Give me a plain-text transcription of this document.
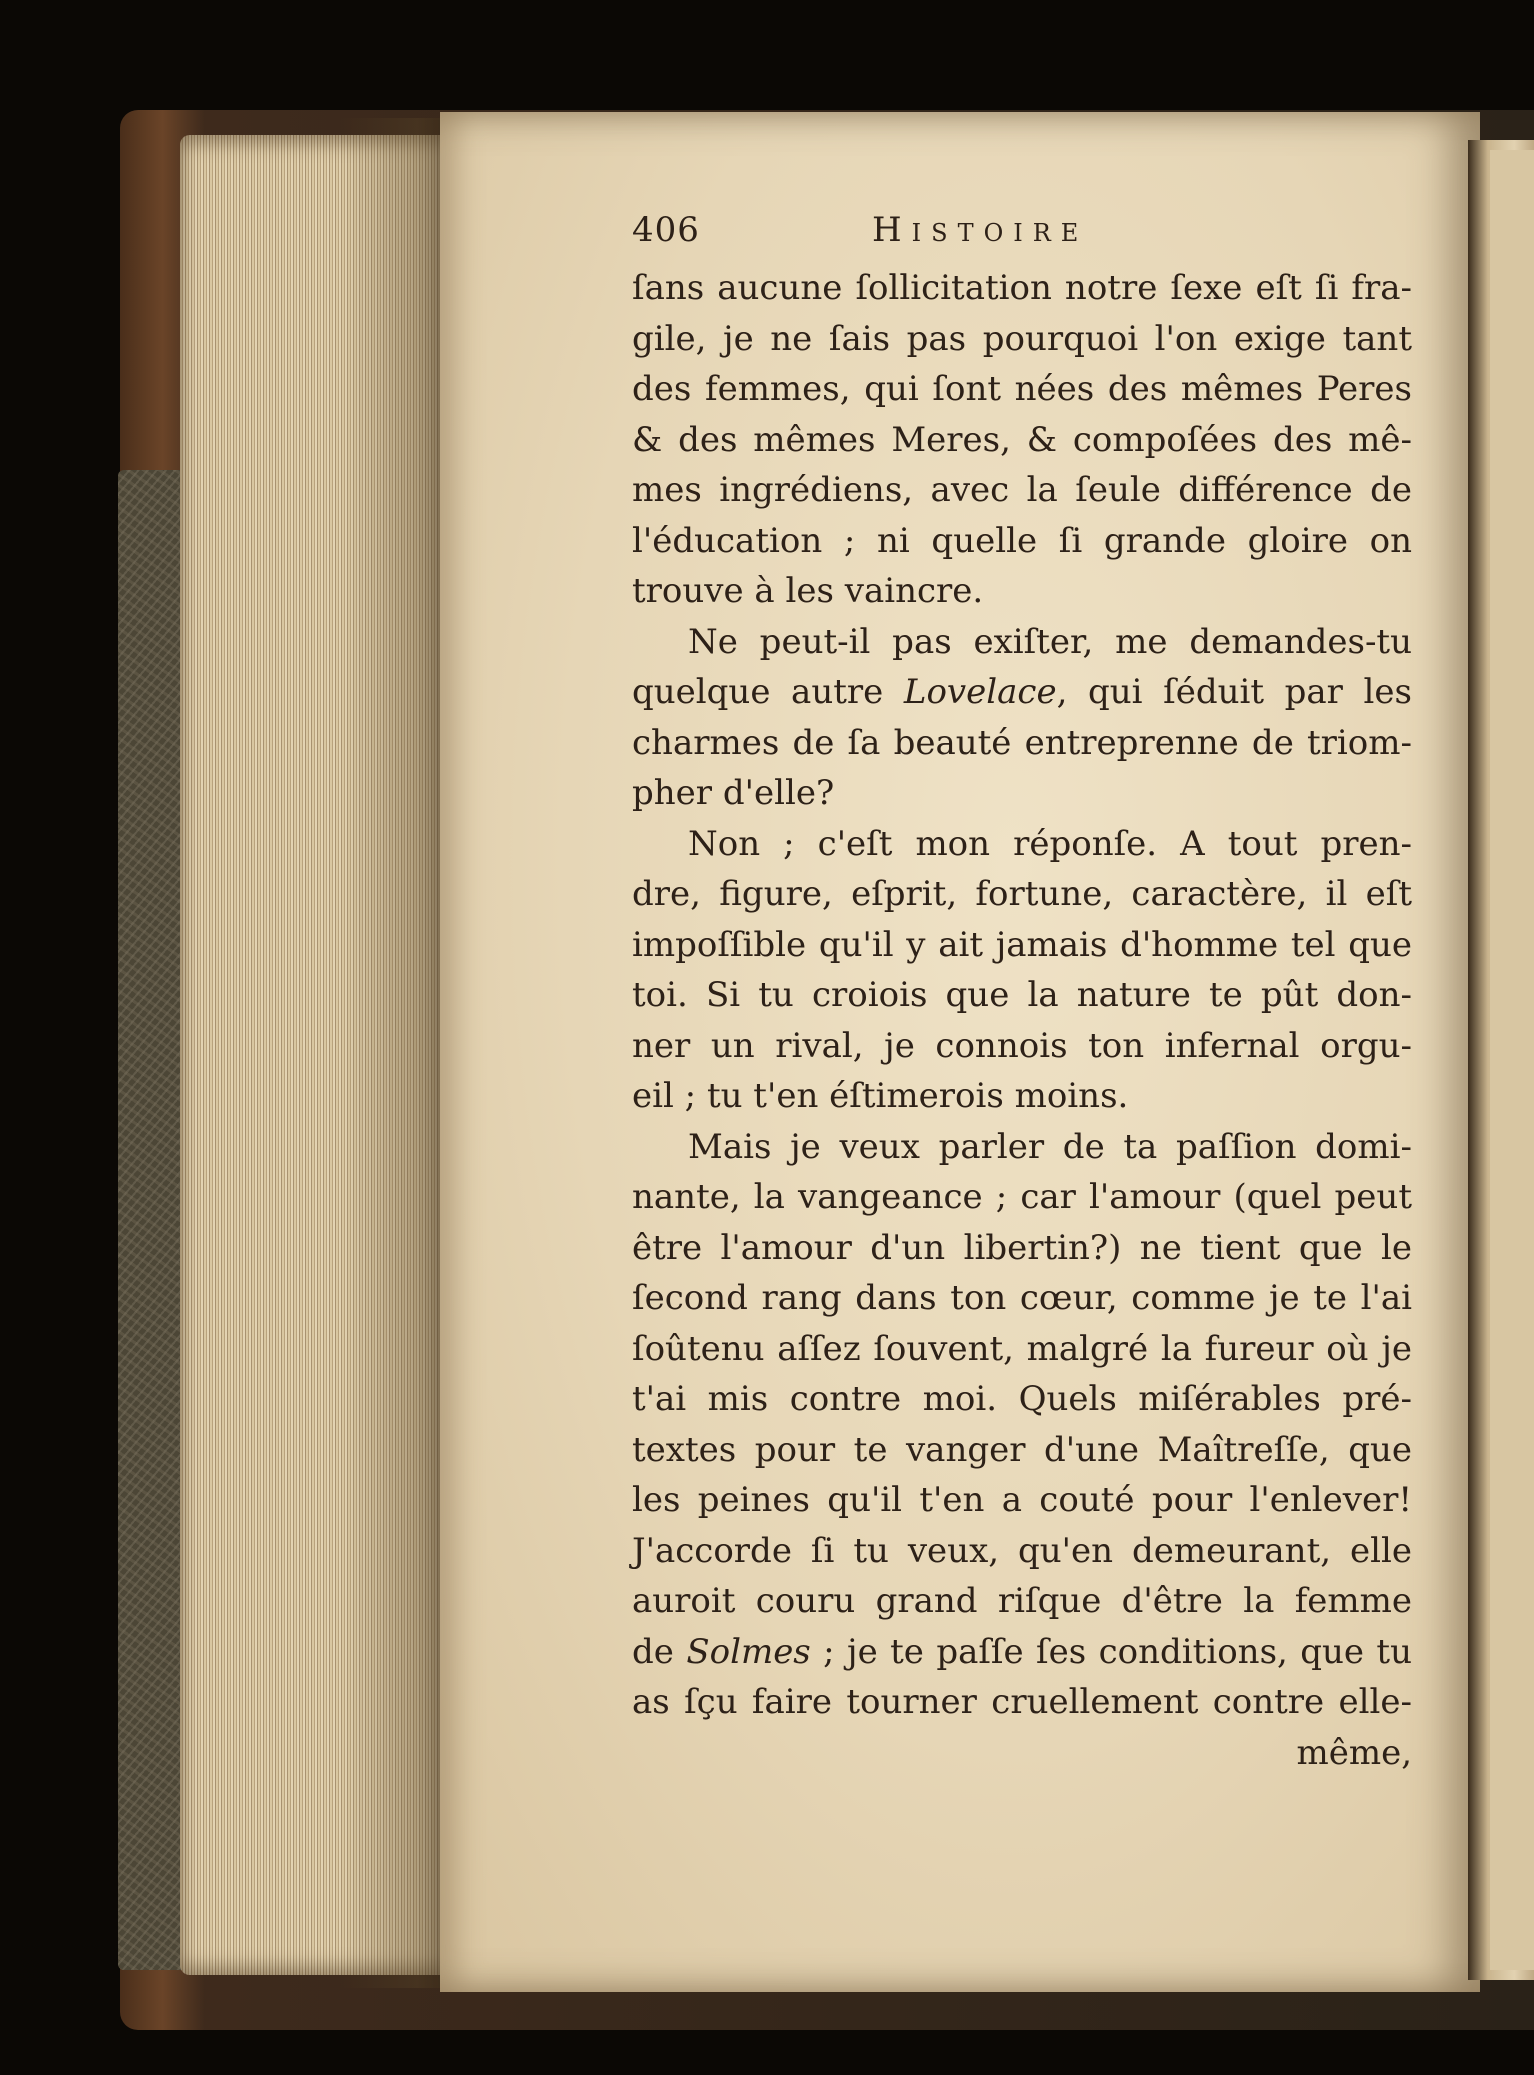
406	Histoire
ſans aucune ſollicitation notre ſexe eſt ſi fra-
gile, je ne ſais pas pourquoi l'on exige tant
des femmes, qui ſont nées des mêmes Peres
& des mêmes Meres, & compoſées des mê-
mes ingrédiens, avec la ſeule différence de
l'éducation ; ni quelle ſi grande gloire on
trouve à les vaincre.
Ne peut-il pas exiſter, me demandes-tu
quelque autre Lovelace, qui ſéduit par les
charmes de ſa beauté entreprenne de triom-
pher d'elle?
Non ; c'eſt mon réponſe. A tout pren-
dre, figure, eſprit, fortune, caractère, il eſt
impoſſible qu'il y ait jamais d'homme tel que
toi. Si tu croiois que la nature te pût don-
ner un rival, je connois ton infernal orgu-
eil ; tu t'en éſtimerois moins.
Mais je veux parler de ta paſſion domi-
nante, la vangeance ; car l'amour (quel peut
être l'amour d'un libertin?) ne tient que le
ſecond rang dans ton cœur, comme je te l'ai
ſoûtenu aſſez ſouvent, malgré la fureur où je
t'ai mis contre moi. Quels miſérables pré-
textes pour te vanger d'une Maîtreſſe, que
les peines qu'il t'en a couté pour l'enlever!
J'accorde ſi tu veux, qu'en demeurant, elle
auroit couru grand riſque d'être la femme
de Solmes ; je te paſſe ſes conditions, que tu
as ſçu faire tourner cruellement contre elle-
même,
